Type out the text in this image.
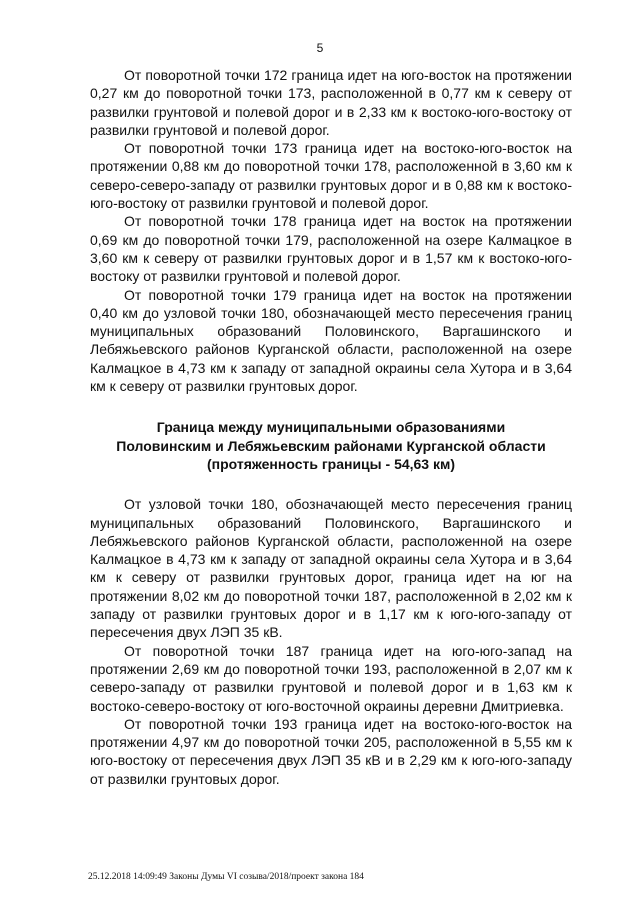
5

От поворотной точки 172 граница идет на юго-восток на протяжении 0,27 км до поворотной точки 173, расположенной в 0,77 км к северу от развилки грунтовой и полевой дорог и в 2,33 км к востоко-юго-востоку от развилки грунтовой и полевой дорог.

От поворотной точки 173 граница идет на востоко-юго-восток на протяжении 0,88 км до поворотной точки 178, расположенной в 3,60 км к северо-северо-западу от развилки грунтовых дорог и в 0,88 км к востоко-юго-востоку от развилки грунтовой и полевой дорог.

От поворотной точки 178 граница идет на восток на протяжении 0,69 км до поворотной точки 179, расположенной на озере Калмацкое в 3,60 км к северу от развилки грунтовых дорог и в 1,57 км к востоко-юго-востоку от развилки грунтовой и полевой дорог.

От поворотной точки 179 граница идет на восток на протяжении 0,40 км до узловой точки 180, обозначающей место пересечения границ муниципальных образований Половинского, Варгашинского и Лебяжьевского районов Курганской области, расположенной на озере Калмацкое в 4,73 км к западу от западной окраины села Хутора и в 3,64 км к северу от развилки грунтовых дорог.

Граница между муниципальными образованиями
Половинским и Лебяжьевским районами Курганской области
(протяженность границы - 54,63 км)

От узловой точки 180, обозначающей место пересечения границ муниципальных образований Половинского, Варгашинского и Лебяжьевского районов Курганской области, расположенной на озере Калмацкое в 4,73 км к западу от западной окраины села Хутора и в 3,64 км к северу от развилки грунтовых дорог, граница идет на юг на протяжении 8,02 км до поворотной точки 187, расположенной в 2,02 км к западу от развилки грунтовых дорог и в 1,17 км к юго-юго-западу от пересечения двух ЛЭП 35 кВ.

От поворотной точки 187 граница идет на юго-юго-запад на протяжении 2,69 км до поворотной точки 193, расположенной в 2,07 км к северо-западу от развилки грунтовой и полевой дорог и в 1,63 км к востоко-северо-востоку от юго-восточной окраины деревни Дмитриевка.

От поворотной точки 193 граница идет на востоко-юго-восток на протяжении 4,97 км до поворотной точки 205, расположенной в 5,55 км к юго-востоку от пересечения двух ЛЭП 35 кВ и в 2,29 км к юго-юго-западу от развилки грунтовых дорог.

25.12.2018 14:09:49 Законы Думы VI созыва/2018/проект закона 184
